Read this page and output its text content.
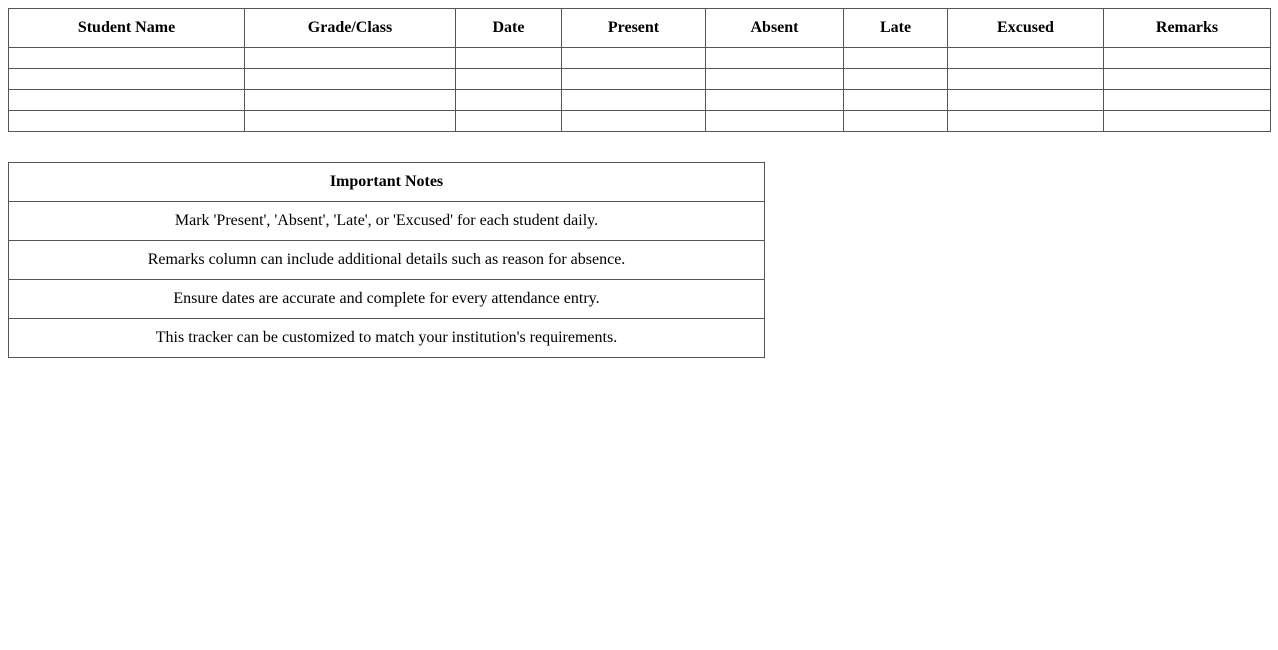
Student Name	Grade/Class	Date	Present	Absent	Late	Excused	Remarks

Important Notes
Mark 'Present', 'Absent', 'Late', or 'Excused' for each student daily.
Remarks column can include additional details such as reason for absence.
Ensure dates are accurate and complete for every attendance entry.
This tracker can be customized to match your institution's requirements.
